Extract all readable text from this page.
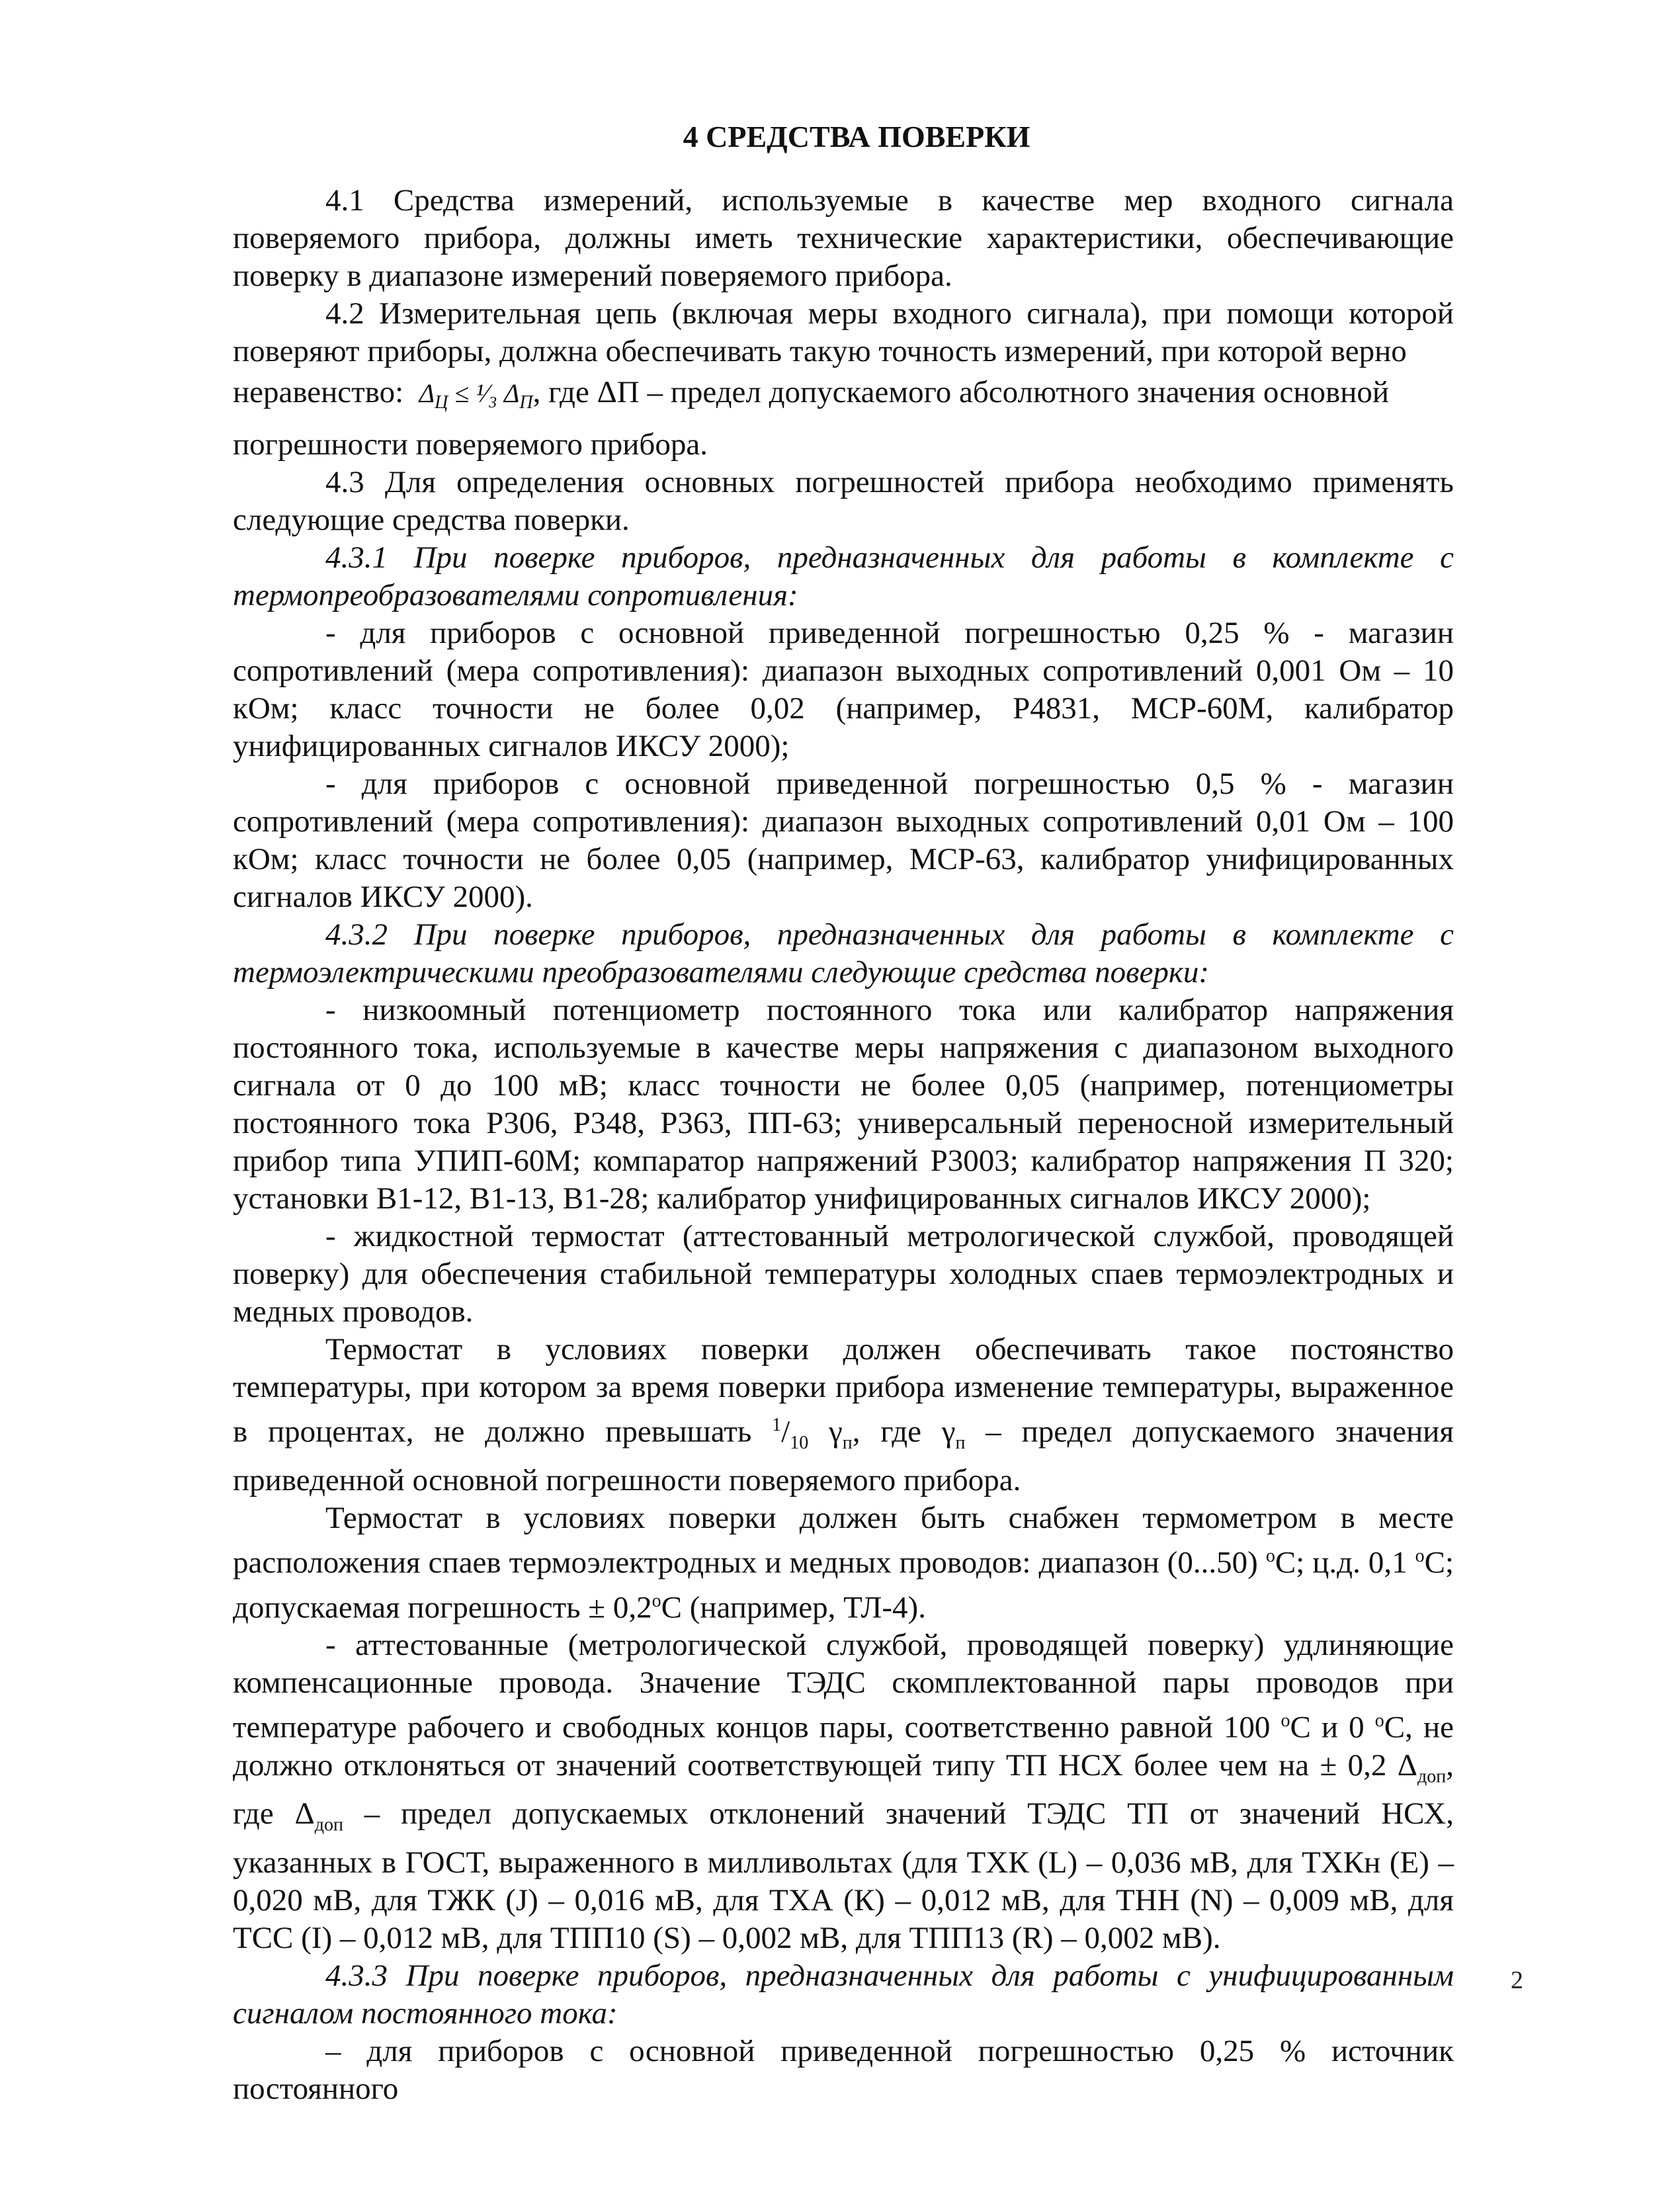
4 СРЕДСТВА ПОВЕРКИ

4.1 Средства измерений, используемые в качестве мер входного сигнала поверяемого прибора, должны иметь технические характеристики, обеспечивающие поверку в диапазоне измерений поверяемого прибора.

4.2 Измерительная цепь (включая меры входного сигнала), при помощи которой поверяют приборы, должна обеспечивать такую точность измерений, при которой верно

неравенство: $\Delta_Ц$ ≤ ¹⁄₃ $\Delta_П$, где ΔП – предел допускаемого абсолютного значения основной

погрешности поверяемого прибора.

4.3 Для определения основных погрешностей прибора необходимо применять следующие средства поверки.

4.3.1 При поверке приборов, предназначенных для работы в комплекте с термопреобразователями сопротивления:

- для приборов с основной приведенной погрешностью 0,25 % - магазин сопротивлений (мера сопротивления): диапазон выходных сопротивлений 0,001 Ом – 10 кОм; класс точности не более 0,02 (например, Р4831, МСР-60М, калибратор унифицированных сигналов ИКСУ 2000);

- для приборов с основной приведенной погрешностью 0,5 % - магазин сопротивлений (мера сопротивления): диапазон выходных сопротивлений 0,01 Ом – 100 кОм; класс точности не более 0,05 (например, МСР-63, калибратор унифицированных сигналов ИКСУ 2000).

4.3.2 При поверке приборов, предназначенных для работы в комплекте с термоэлектрическими преобразователями следующие средства поверки:

- низкоомный потенциометр постоянного тока или калибратор напряжения постоянного тока, используемые в качестве меры напряжения с диапазоном выходного сигнала от 0 до 100 мВ; класс точности не более 0,05 (например, потенциометры постоянного тока Р306, Р348, Р363, ПП-63; универсальный переносной измерительный прибор типа УПИП-60М; компаратор напряжений Р3003; калибратор напряжения П 320; установки В1-12, В1-13, В1-28; калибратор унифицированных сигналов ИКСУ 2000);

- жидкостной термостат (аттестованный метрологической службой, проводящей поверку) для обеспечения стабильной температуры холодных спаев термоэлектродных и медных проводов.

Термостат в условиях поверки должен обеспечивать такое постоянство температуры, при котором за время поверки прибора изменение температуры, выраженное в процентах, не должно превышать $^1/_{10}$ $\gamma_п$, где $\gamma_п$ – предел допускаемого значения приведенной основной погрешности поверяемого прибора.

Термостат в условиях поверки должен быть снабжен термометром в месте расположения спаев термоэлектродных и медных проводов: диапазон (0...50) $^о$С; ц.д. 0,1 $^о$С; допускаемая погрешность ± $0,2^оС$ (например, ТЛ-4).

- аттестованные (метрологической службой, проводящей поверку) удлиняющие компенсационные провода. Значение ТЭДС скомплектованной пары проводов при температуре рабочего и свободных концов пары, соответственно равной 100 $^о$С и 0 $^о$С, не должно отклоняться от значений соответствующей типу ТП НСХ более чем на ± 0,2 $\Delta_{доп}$, где $\Delta_{доп}$ – предел допускаемых отклонений значений ТЭДС ТП от значений НСХ, указанных в ГОСТ, выраженного в милливольтах (для ТХК (L) – 0,036 мВ, для ТХКн (Е) – 0,020 мВ, для ТЖК (J) – 0,016 мВ, для ТХА (К) – 0,012 мВ, для ТНН (N) – 0,009 мВ, для ТСС (I) – 0,012 мВ, для ТПП10 (S) – 0,002 мВ, для ТПП13 (R) – 0,002 мВ).

4.3.3 При поверке приборов, предназначенных для работы с унифицированным сигналом постоянного тока:

– для приборов с основной приведенной погрешностью 0,25 % источник постоянного

2
